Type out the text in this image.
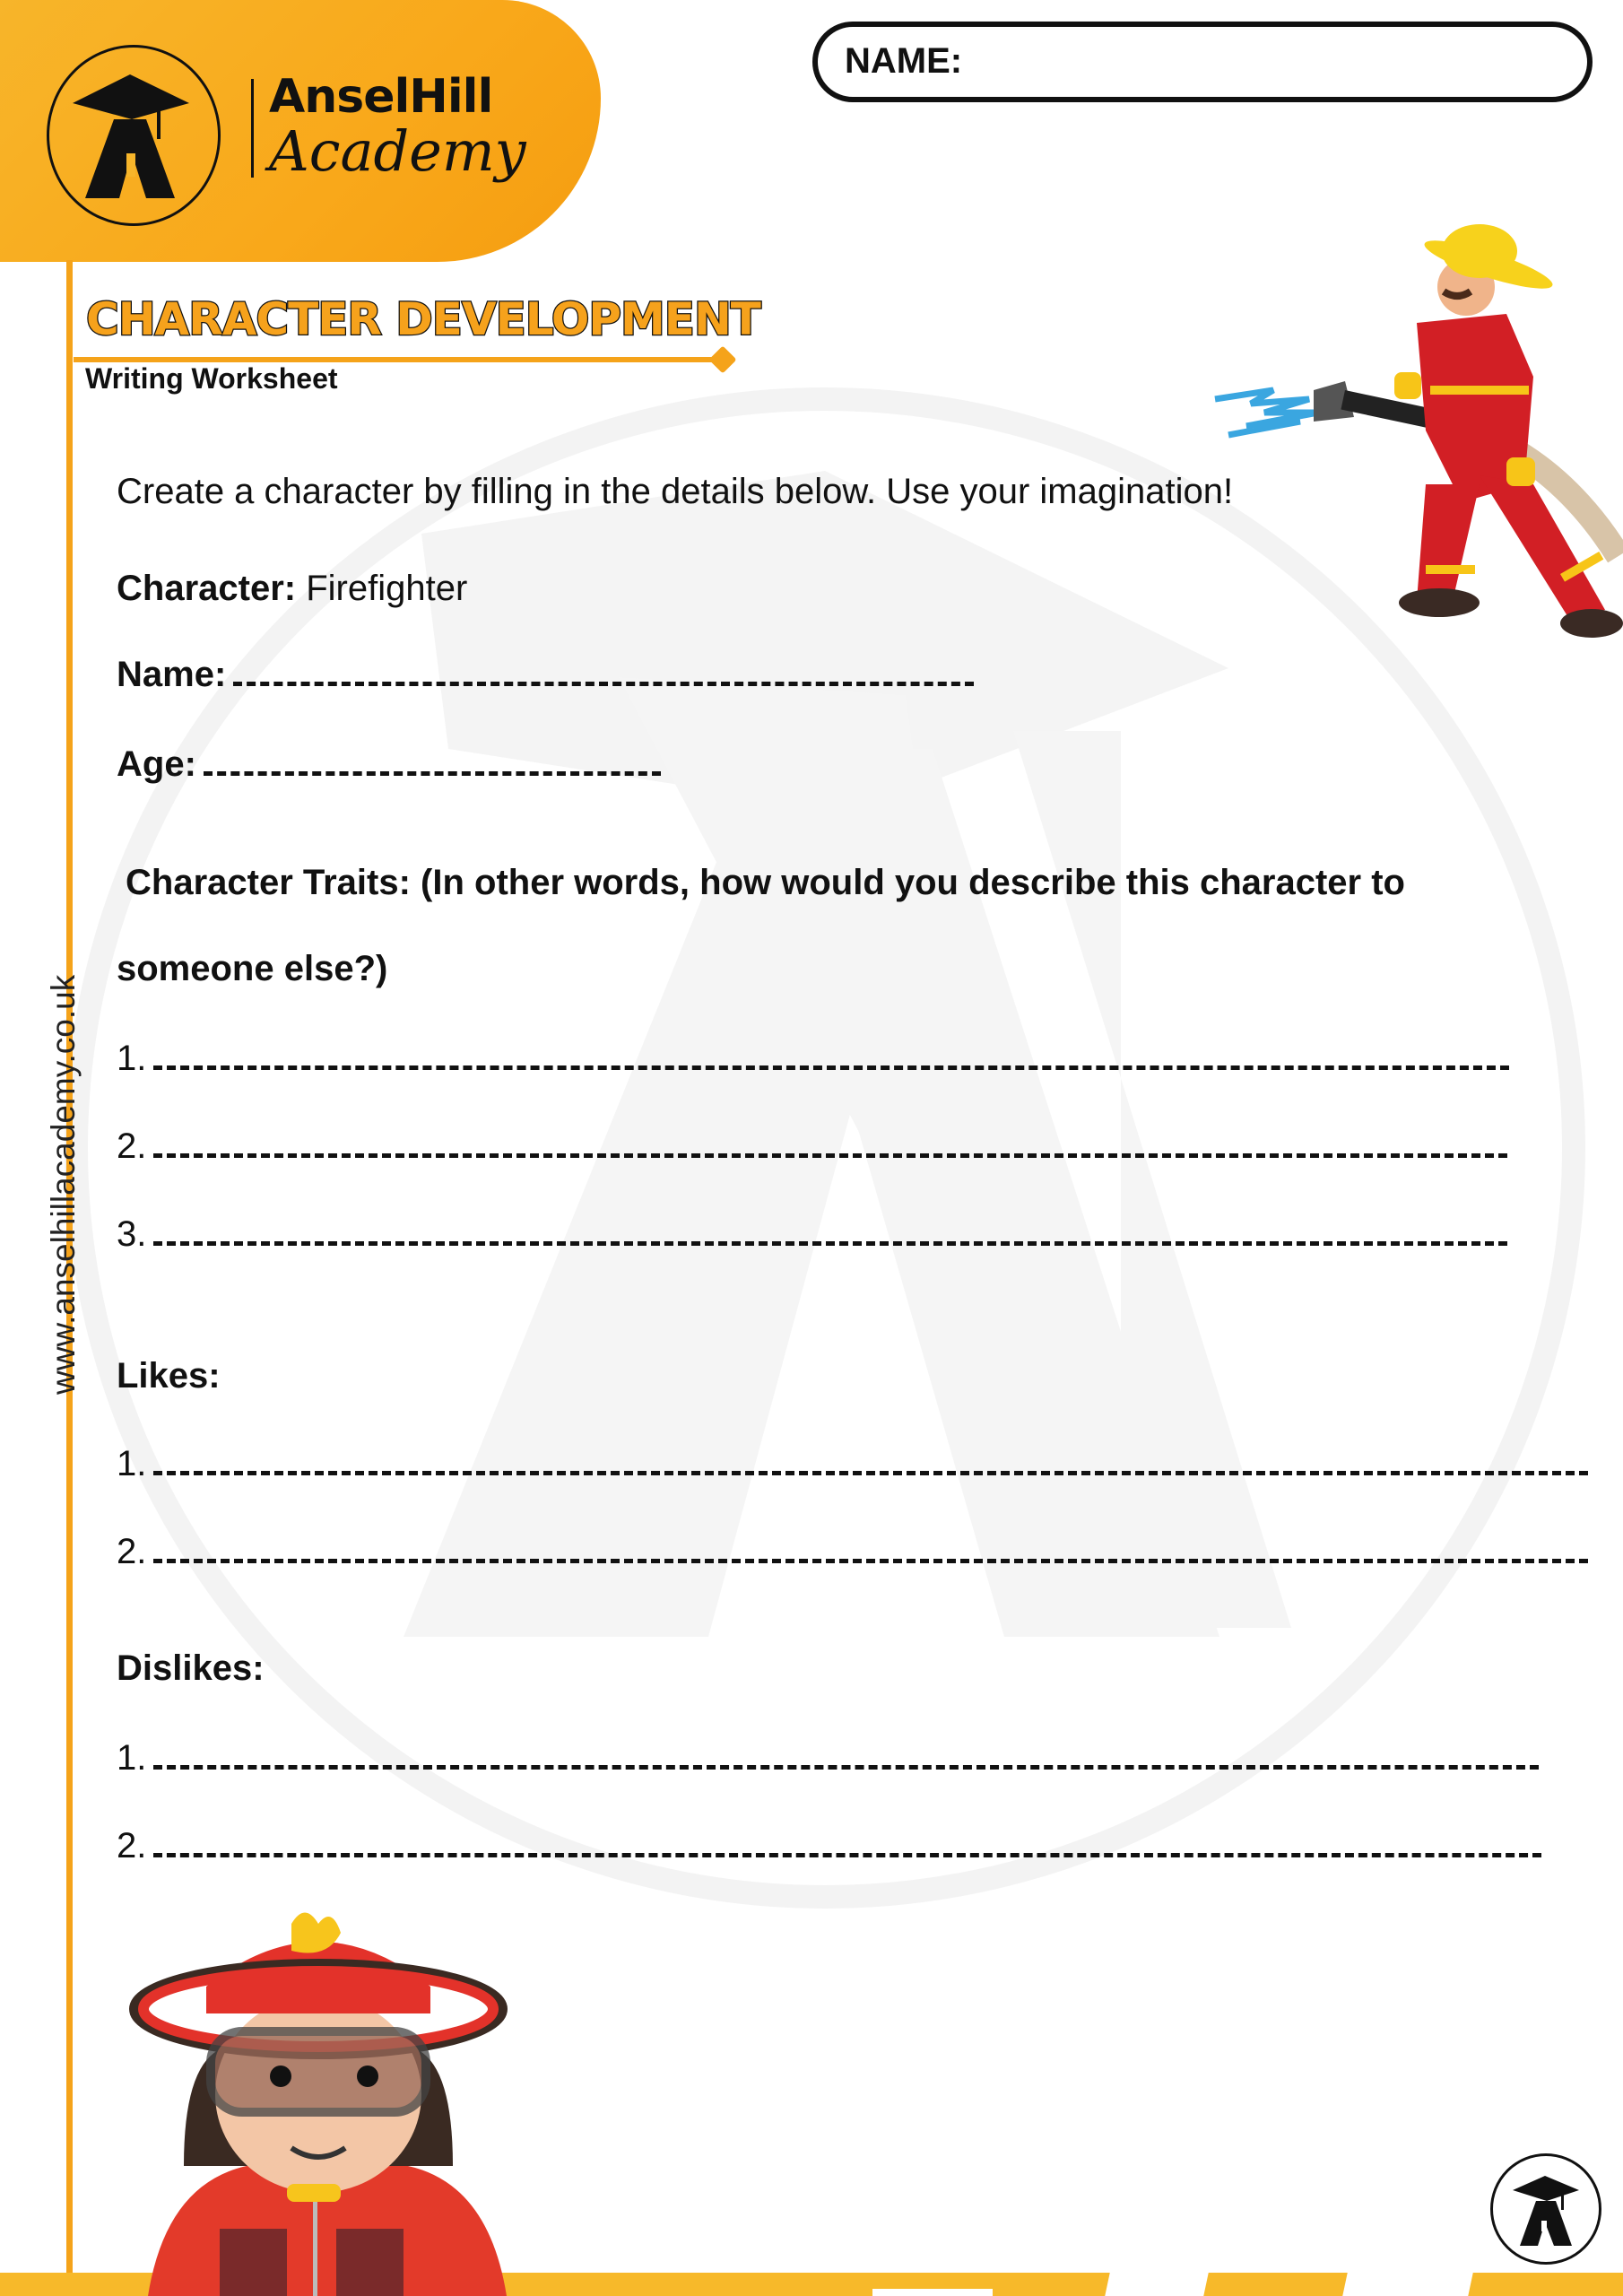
AnselHill
Academy
NAME:
www.anselhillacademy.co.uk
CHARACTER DEVELOPMENT
Writing Worksheet
Create a character by filling in the details below. Use your imagination!
Character: Firefighter
Name:
Age:
Character Traits: (In other words, how would you describe this character to
someone else?)
1.
2.
3.
Likes:
1.
2.
Dislikes:
1.
2.
